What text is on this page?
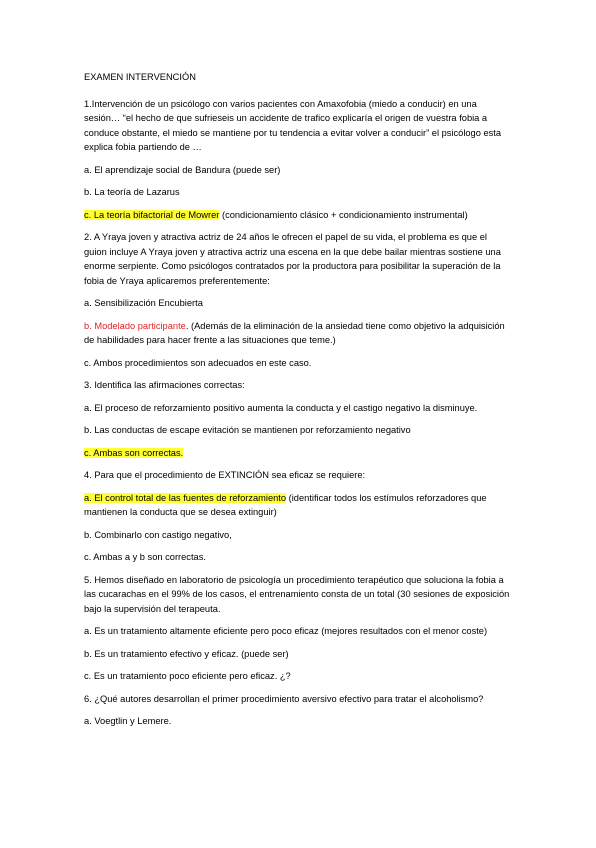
EXAMEN INTERVENCIÓN

1.Intervención de un psicólogo con varios pacientes con Amaxofobia (miedo a conducir) en una sesión… “el hecho de que sufrieseis un accidente de trafico explicaría el origen de vuestra fobia a conduce obstante, el miedo se mantiene por tu tendencia a evitar volver a conducir” el psicólogo esta explica fobia partiendo de …

a. El aprendizaje social de Bandura (puede ser)

b. La teoría de Lazarus

c. La teoría bifactorial de Mowrer (condicionamiento clásico + condicionamiento instrumental)

2. A Yraya joven y atractiva actriz de 24 años le ofrecen el papel de su vida, el problema es que el guion incluye A Yraya joven y atractiva actriz una escena en la que debe bailar mientras sostiene una enorme serpiente. Como psicólogos contratados por la productora para posibilitar la superación de la fobia de Yraya aplicaremos preferentemente:

a. Sensibilización Encubierta

b. Modelado participante. (Además de la eliminación de la ansiedad tiene como objetivo la adquisición de habilidades para hacer frente a las situaciones que teme.)

c. Ambos procedimientos son adecuados en este caso.

3. Identifica las afirmaciones correctas:

a. El proceso de reforzamiento positivo aumenta la conducta y el castigo negativo la disminuye.

b. Las conductas de escape evitación se mantienen por reforzamiento negativo

c. Ambas son correctas.

4. Para que el procedimiento de EXTINCIÓN sea eficaz se requiere:

a. El control total de las fuentes de reforzamiento (identificar todos los estímulos reforzadores que mantienen la conducta que se desea extinguir)

b. Combinarlo con castigo negativo,

c. Ambas a y b son correctas.

5. Hemos diseñado en laboratorio de psicología un procedimiento terapéutico que soluciona la fobia a las cucarachas en el 99% de los casos, el entrenamiento consta de un total (30 sesiones de exposición bajo la supervisión del terapeuta.

a. Es un tratamiento altamente eficiente pero poco eficaz (mejores resultados con el menor coste)

b. Es un tratamiento efectivo y eficaz. (puede ser)

c. Es un tratamiento poco eficiente pero eficaz. ¿?

6. ¿Qué autores desarrollan el primer procedimiento aversivo efectivo para tratar el alcoholismo?

a. Voegtlin y Lemere.
